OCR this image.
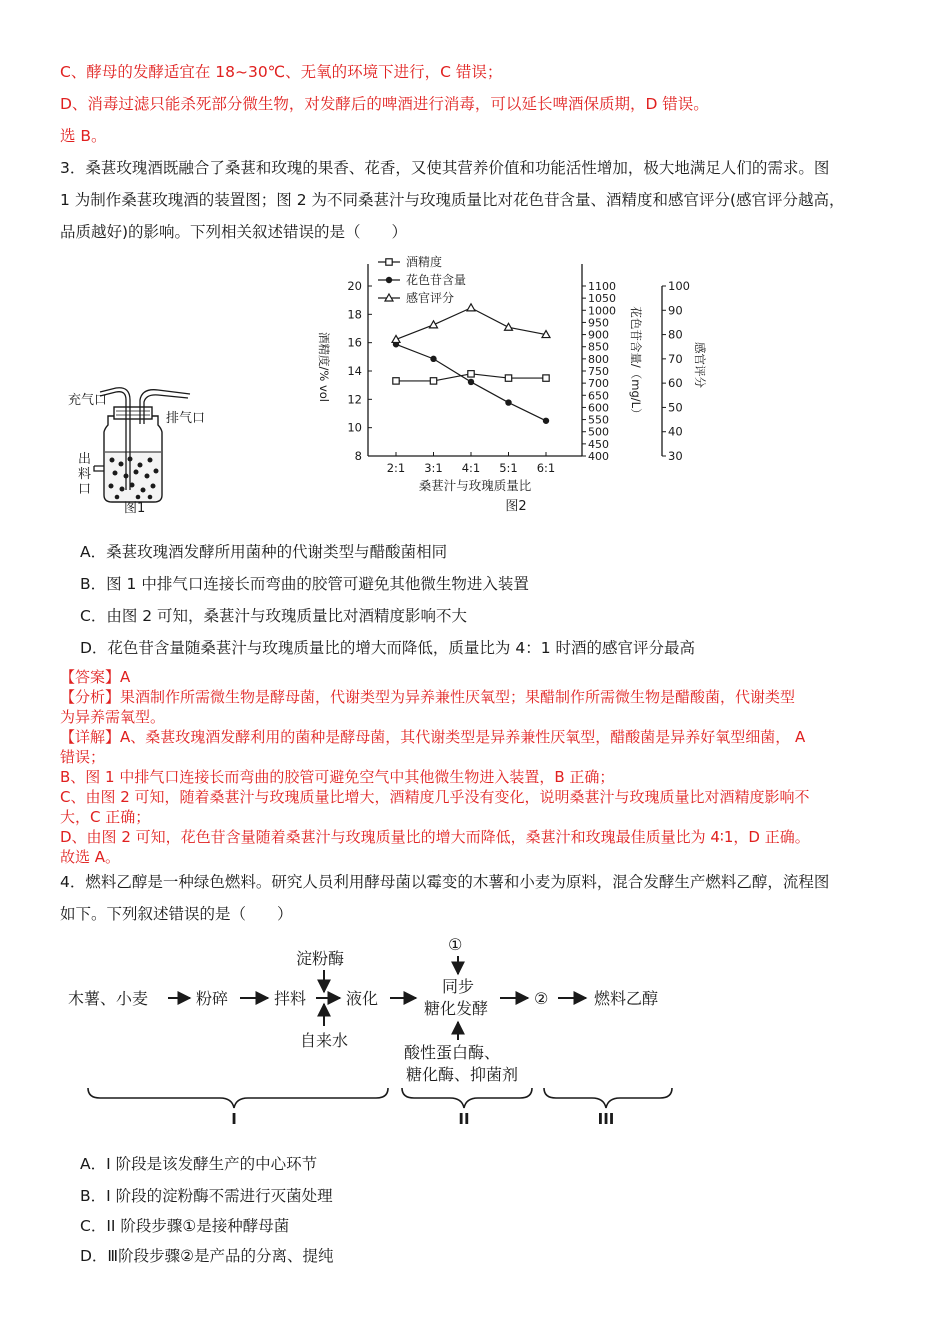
C、酵母的发酵适宜在 18~30℃、无氧的环境下进行，C 错误；
D、消毒过滤只能杀死部分微生物，对发酵后的啤酒进行消毒，可以延长啤酒保质期，D 错误。
选 B。
3．桑葚玫瑰酒既融合了桑葚和玫瑰的果香、花香，又使其营养价值和功能活性增加，极大地满足人们的需求。图
1 为制作桑葚玫瑰酒的装置图；图 2 为不同桑葚汁与玫瑰质量比对花色苷含量、酒精度和感官评分(感官评分越高，
品质越好)的影响。下列相关叙述错误的是（　　）
充气口
排气口
出
料
口
图1
8
10
12
14
16
18
20
酒精度/% vol
400
450
500
550
600
650
700
750
800
850
900
950
1000
1050
1100
花色苷含量/（mg/L）
30
40
50
60
70
80
90
100
感官评分
2:1 3:1 4:1 5:1 6:1
桑葚汁与玫瑰质量比
酒精度
花色苷含量
感官评分
图2
A．桑葚玫瑰酒发酵所用菌种的代谢类型与醋酸菌相同
B．图 1 中排气口连接长而弯曲的胶管可避免其他微生物进入装置
C．由图 2 可知，桑葚汁与玫瑰质量比对酒精度影响不大
D．花色苷含量随桑葚汁与玫瑰质量比的增大而降低，质量比为 4：1 时酒的感官评分最高
【答案】A
【分析】果酒制作所需微生物是酵母菌，代谢类型为异养兼性厌氧型；果醋制作所需微生物是醋酸菌，代谢类型
为异养需氧型。
【详解】A、桑葚玫瑰酒发酵利用的菌种是酵母菌，其代谢类型是异养兼性厌氧型，醋酸菌是异养好氧型细菌， A
错误；
B、图 1 中排气口连接长而弯曲的胶管可避免空气中其他微生物进入装置，B 正确；
C、由图 2 可知，随着桑葚汁与玫瑰质量比增大，酒精度几乎没有变化，说明桑葚汁与玫瑰质量比对酒精度影响不
大，C 正确；
D、由图 2 可知，花色苷含量随着桑葚汁与玫瑰质量比的增大而降低，桑葚汁和玫瑰最佳质量比为 4∶1，D 正确。
故选 A。
4．燃料乙醇是一种绿色燃料。研究人员利用酵母菌以霉变的木薯和小麦为原料，混合发酵生产燃料乙醇，流程图
如下。下列叙述错误的是（　　）
木薯、小麦	粉碎	拌料
淀粉酶
自来水
液化
①
同步
糖化发酵
酸性蛋白酶、
糖化酶、抑菌剂
②	燃料乙醇
I	II	III
A．I 阶段是该发酵生产的中心环节
B．I 阶段的淀粉酶不需进行灭菌处理
C．II 阶段步骤①是接种酵母菌
D．Ⅲ阶段步骤②是产品的分离、提纯
